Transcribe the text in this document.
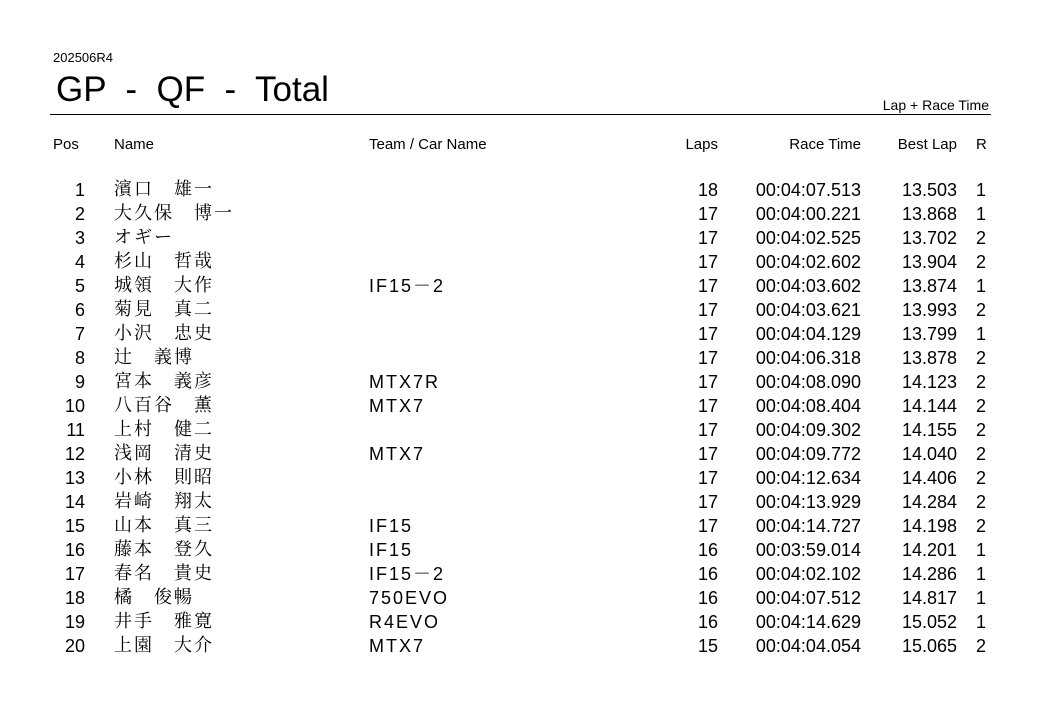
202506R4
GP  -  QF  -  Total	Lap + Race Time
Pos Name	Team / Car Name	Laps	Race Time Best Lap R
1 濱口　雄一	18 00:04:07.513 13.503 1
2 大久保　博一	17 00:04:00.221 13.868 1
3 オギー	17 00:04:02.525 13.702 2
4 杉山　哲哉	17 00:04:02.602 13.904 2
5 城領　大作	IF15－2	17 00:04:03.602 13.874 1
6 菊見　真二	17 00:04:03.621 13.993 2
7 小沢　忠史	17 00:04:04.129 13.799 1
8 辻　義博	17 00:04:06.318 13.878 2
9 宮本　義彦	MTX7R	17 00:04:08.090 14.123 2
10 八百谷　薫	MTX7	17 00:04:08.404 14.144 2
11 上村　健二	17 00:04:09.302 14.155 2
12 浅岡　清史	MTX7	17 00:04:09.772 14.040 2
13 小林　則昭	17 00:04:12.634 14.406 2
14 岩崎　翔太	17 00:04:13.929 14.284 2
15 山本　真三	IF15	17 00:04:14.727 14.198 2
16 藤本　登久	IF15	16 00:03:59.014 14.201 1
17 春名　貴史	IF15－2	16 00:04:02.102 14.286 1
18 橘　俊暢	750EVO	16 00:04:07.512 14.817 1
19 井手　雅寛	R4EVO	16 00:04:14.629 15.052 1
20 上園　大介	MTX7	15 00:04:04.054 15.065 2
